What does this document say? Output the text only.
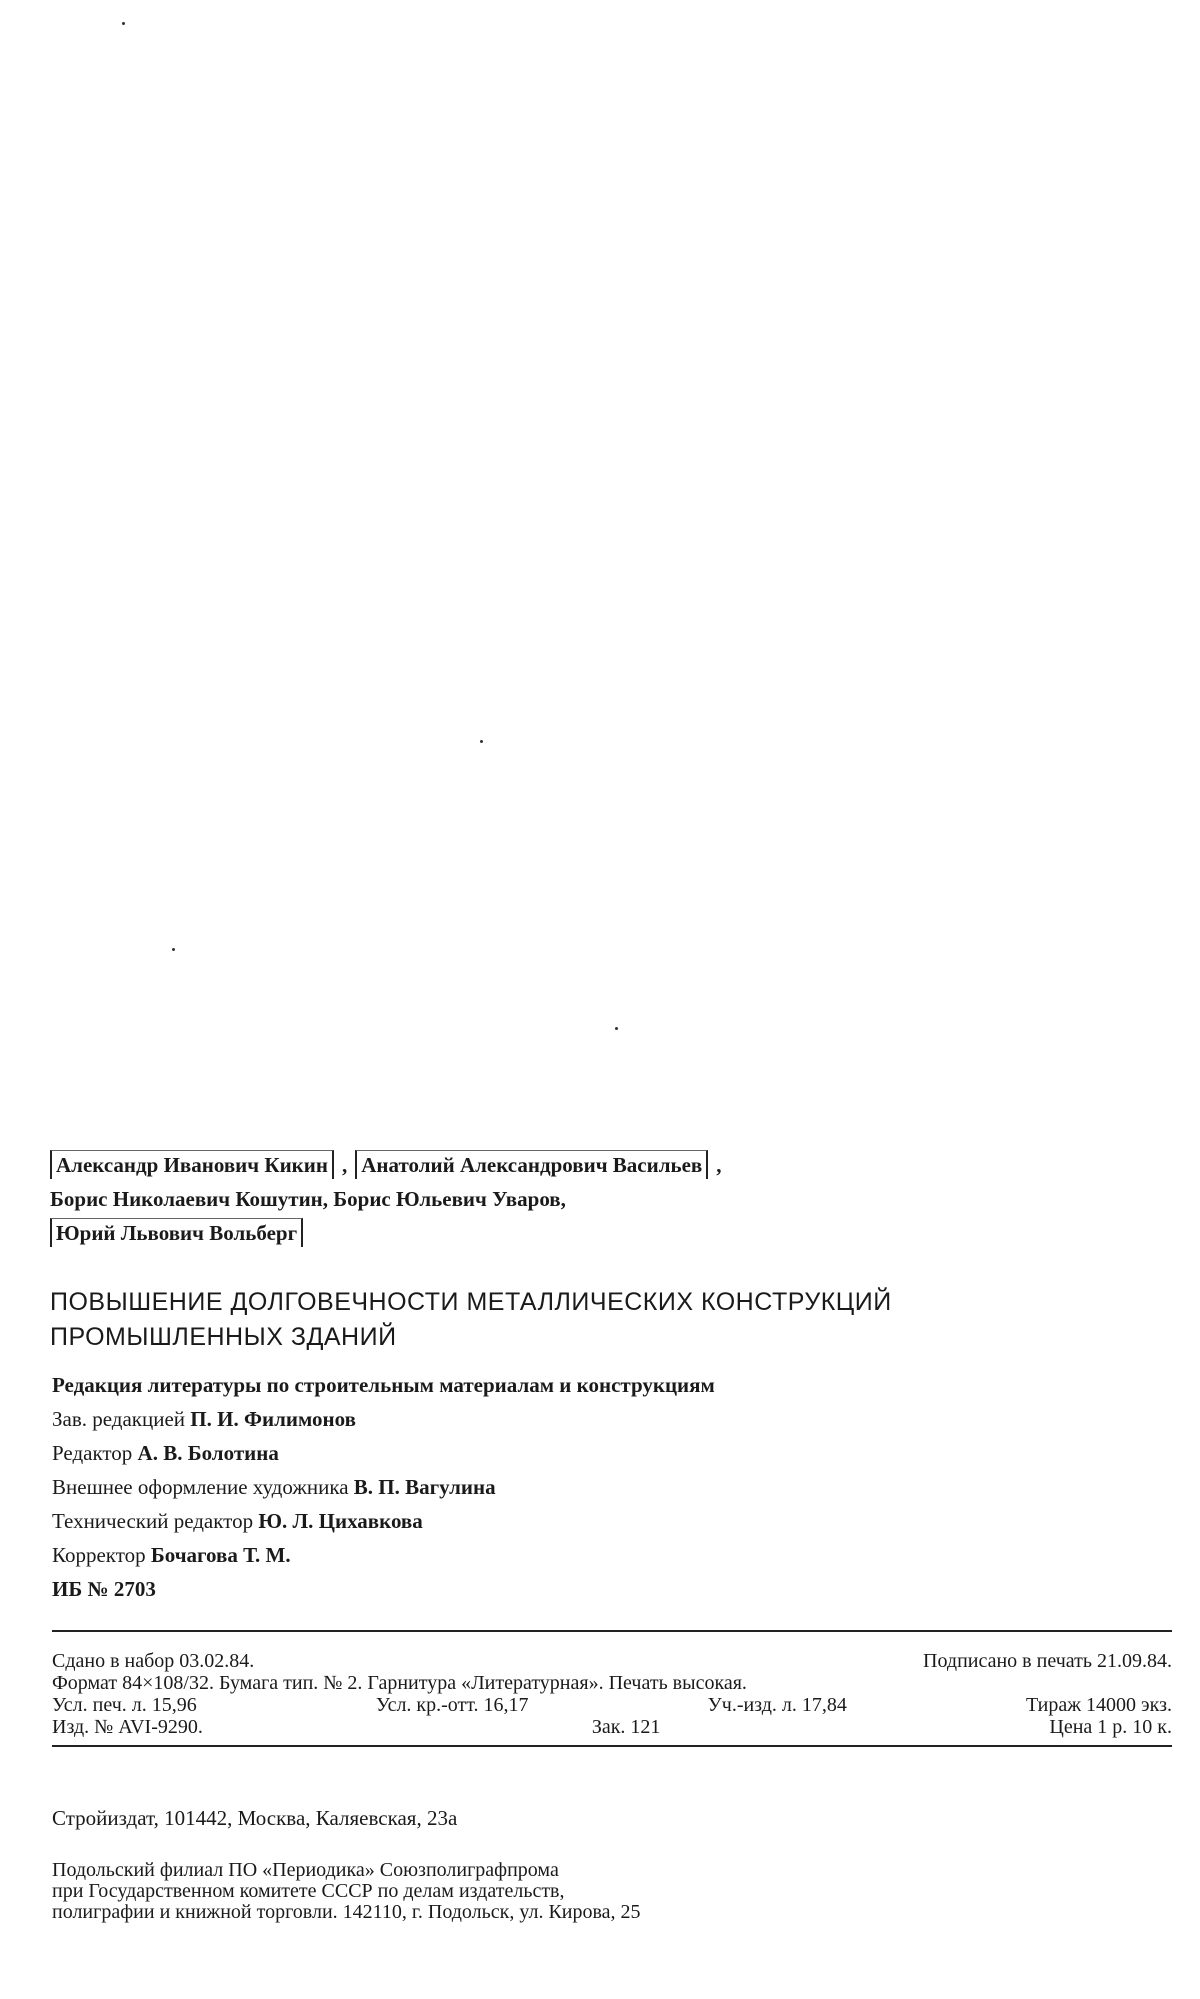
Александр Иванович Кикин , Анатолий Александрович Васильев ,
Борис Николаевич Кошутин, Борис Юльевич Уваров,
Юрий Львович Вольберг
ПОВЫШЕНИЕ ДОЛГОВЕЧНОСТИ МЕТАЛЛИЧЕСКИХ КОНСТРУКЦИЙ
ПРОМЫШЛЕННЫХ ЗДАНИЙ
Редакция литературы по строительным материалам и конструкциям
Зав. редакцией П. И. Филимонов
Редактор А. В. Болотина
Внешнее оформление художника В. П. Вагулина
Технический редактор Ю. Л. Цихавкова
Корректор Бочагова Т. М.
ИБ № 2703
Сдано в набор 03.02.84.	Подписано в печать 21.09.84.
Формат 84×108/32. Бумага тип. № 2. Гарнитура «Литературная». Печать высокая.
Усл. печ. л. 15,96	Усл. кр.-отт. 16,17	Уч.-изд. л. 17,84	Тираж 14000 экз.
Изд. № AVI-9290.	Зак. 121	Цена 1 р. 10 к.
Стройиздат, 101442, Москва, Каляевская, 23а
Подольский филиал ПО «Периодика» Союзполиграфпрома
при Государственном комитете СССР по делам издательств,
полиграфии и книжной торговли. 142110, г. Подольск, ул. Кирова, 25
